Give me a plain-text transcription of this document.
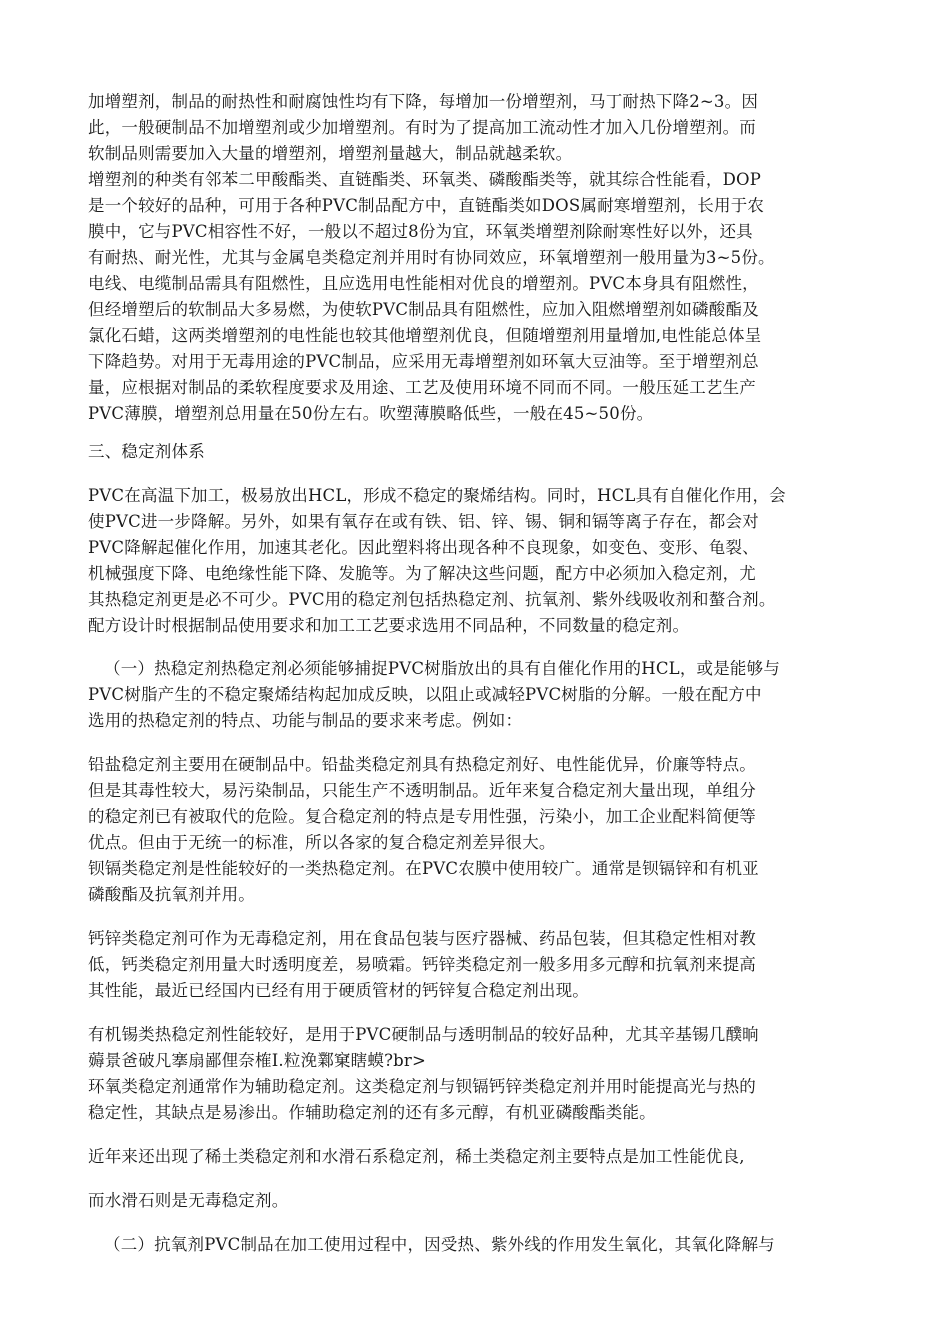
加增塑剂，制品的耐热性和耐腐蚀性均有下降，每增加一份增塑剂，马丁耐热下降2~3。因
此，一般硬制品不加增塑剂或少加增塑剂。有时为了提高加工流动性才加入几份增塑剂。而
软制品则需要加入大量的增塑剂，增塑剂量越大，制品就越柔软。
增塑剂的种类有邻苯二甲酸酯类、直链酯类、环氧类、磷酸酯类等，就其综合性能看，DOP
是一个较好的品种，可用于各种PVC制品配方中，直链酯类如DOS属耐寒增塑剂，长用于农
膜中，它与PVC相容性不好，一般以不超过8份为宜，环氧类增塑剂除耐寒性好以外，还具
有耐热、耐光性，尤其与金属皂类稳定剂并用时有协同效应，环氧增塑剂一般用量为3~5份。
电线、电缆制品需具有阻燃性，且应选用电性能相对优良的增塑剂。PVC本身具有阻燃性，
但经增塑后的软制品大多易燃，为使软PVC制品具有阻燃性，应加入阻燃增塑剂如磷酸酯及
氯化石蜡，这两类增塑剂的电性能也较其他增塑剂优良，但随增塑剂用量增加,电性能总体呈
下降趋势。对用于无毒用途的PVC制品，应采用无毒增塑剂如环氧大豆油等。至于增塑剂总
量，应根据对制品的柔软程度要求及用途、工艺及使用环境不同而不同。一般压延工艺生产
PVC薄膜，增塑剂总用量在50份左右。吹塑薄膜略低些，一般在45~50份。
三、稳定剂体系
PVC在高温下加工，极易放出HCL，形成不稳定的聚烯结构。同时，HCL具有自催化作用，会
使PVC进一步降解。另外，如果有氧存在或有铁、铝、锌、锡、铜和镉等离子存在，都会对
PVC降解起催化作用，加速其老化。因此塑料将出现各种不良现象，如变色、变形、龟裂、
机械强度下降、电绝缘性能下降、发脆等。为了解决这些问题，配方中必须加入稳定剂，尤
其热稳定剂更是必不可少。PVC用的稳定剂包括热稳定剂、抗氧剂、紫外线吸收剂和螯合剂。
配方设计时根据制品使用要求和加工工艺要求选用不同品种，不同数量的稳定剂。
（一）热稳定剂热稳定剂必须能够捕捉PVC树脂放出的具有自催化作用的HCL，或是能够与
PVC树脂产生的不稳定聚烯结构起加成反映，以阻止或减轻PVC树脂的分解。一般在配方中
选用的热稳定剂的特点、功能与制品的要求来考虑。例如：
铅盐稳定剂主要用在硬制品中。铅盐类稳定剂具有热稳定剂好、电性能优异，价廉等特点。
但是其毒性较大，易污染制品，只能生产不透明制品。近年来复合稳定剂大量出现，单组分
的稳定剂已有被取代的危险。复合稳定剂的特点是专用性强，污染小，加工企业配料简便等
优点。但由于无统一的标准，所以各家的复合稳定剂差异很大。
钡镉类稳定剂是性能较好的一类热稳定剂。在PVC农膜中使用较广。通常是钡镉锌和有机亚
磷酸酯及抗氧剂并用。
钙锌类稳定剂可作为无毒稳定剂，用在食品包装与医疗器械、药品包装，但其稳定性相对教
低，钙类稳定剂用量大时透明度差，易喷霜。钙锌类稳定剂一般多用多元醇和抗氧剂来提高
其性能，最近已经国内已经有用于硬质管材的钙锌复合稳定剂出现。
有机锡类热稳定剂性能较好，是用于PVC硬制品与透明制品的较好品种，尤其辛基锡几醭晌
薅景爸破凡搴扇鄙俚奈榷I.粒浼鄴窠瞎蟆?br>
环氧类稳定剂通常作为辅助稳定剂。这类稳定剂与钡镉钙锌类稳定剂并用时能提高光与热的
稳定性，其缺点是易渗出。作辅助稳定剂的还有多元醇，有机亚磷酸酯类能。
近年来还出现了稀土类稳定剂和水滑石系稳定剂，稀土类稳定剂主要特点是加工性能优良,
而水滑石则是无毒稳定剂。
（二）抗氧剂PVC制品在加工使用过程中，因受热、紫外线的作用发生氧化，其氧化降解与
